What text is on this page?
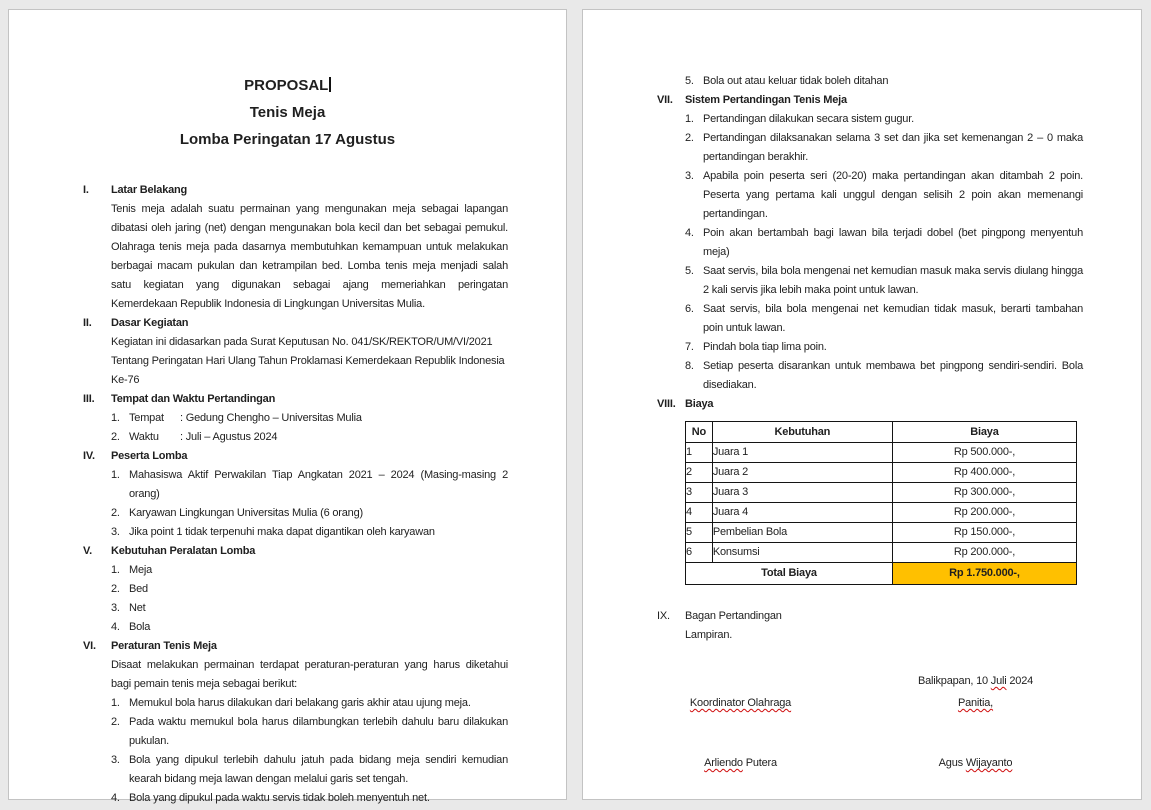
PROPOSAL
Tenis Meja
Lomba Peringatan 17 Agustus
I. Latar Belakang
Tenis meja adalah suatu permainan yang mengunakan meja sebagai lapangan dibatasi oleh jaring (net) dengan mengunakan bola kecil dan bet sebagai pemukul. Olahraga tenis meja pada dasarnya membutuhkan kemampuan untuk melakukan berbagai macam pukulan dan ketrampilan bed. Lomba tenis meja menjadi salah satu kegiatan yang digunakan sebagai ajang memeriahkan peringatan Kemerdekaan Republik Indonesia di Lingkungan Universitas Mulia.
II. Dasar Kegiatan
Kegiatan ini didasarkan pada Surat Keputusan No. 041/SK/REKTOR/UM/VI/2021 Tentang Peringatan Hari Ulang Tahun Proklamasi Kemerdekaan Republik Indonesia Ke-76
III. Tempat dan Waktu Pertandingan
1. Tempat : Gedung Chengho – Universitas Mulia
2. Waktu : Juli – Agustus 2024
IV. Peserta Lomba
1. Mahasiswa Aktif Perwakilan Tiap Angkatan 2021 – 2024 (Masing-masing 2 orang)
2. Karyawan Lingkungan Universitas Mulia (6 orang)
3. Jika point 1 tidak terpenuhi maka dapat digantikan oleh karyawan
V. Kebutuhan Peralatan Lomba
1. Meja
2. Bed
3. Net
4. Bola
VI. Peraturan Tenis Meja
Disaat melakukan permainan terdapat peraturan-peraturan yang harus diketahui bagi pemain tenis meja sebagai berikut:
1. Memukul bola harus dilakukan dari belakang garis akhir atau ujung meja.
2. Pada waktu memukul bola harus dilambungkan terlebih dahulu baru dilakukan pukulan.
3. Bola yang dipukul terlebih dahulu jatuh pada bidang meja sendiri kemudian kearah bidang meja lawan dengan melalui garis set tengah.
4. Bola yang dipukul pada waktu servis tidak boleh menyentuh net.
5. Bola out atau keluar tidak boleh ditahan
VII. Sistem Pertandingan Tenis Meja
1. Pertandingan dilakukan secara sistem gugur.
2. Pertandingan dilaksanakan selama 3 set dan jika set kemenangan 2 – 0 maka pertandingan berakhir.
3. Apabila poin peserta seri (20-20) maka pertandingan akan ditambah 2 poin. Peserta yang pertama kali unggul dengan selisih 2 poin akan memenangi pertandingan.
4. Poin akan bertambah bagi lawan bila terjadi dobel (bet pingpong menyentuh meja)
5. Saat servis, bila bola mengenai net kemudian masuk maka servis diulang hingga 2 kali servis jika lebih maka point untuk lawan.
6. Saat servis, bila bola mengenai net kemudian tidak masuk, berarti tambahan poin untuk lawan.
7. Pindah bola tiap lima poin.
8. Setiap peserta disarankan untuk membawa bet pingpong sendiri-sendiri. Bola disediakan.
VIII. Biaya
No	Kebutuhan	Biaya
1	Juara 1	Rp 500.000-,
2	Juara 2	Rp 400.000-,
3	Juara 3	Rp 300.000-,
4	Juara 4	Rp 200.000-,
5	Pembelian Bola	Rp 150.000-,
6	Konsumsi	Rp 200.000-,
Total Biaya		Rp 1.750.000-,
IX. Bagan Pertandingan
Lampiran.
Balikpapan, 10 Juli 2024
Koordinator Olahraga	Panitia,
Arliendo Putera	Agus Wijayanto
